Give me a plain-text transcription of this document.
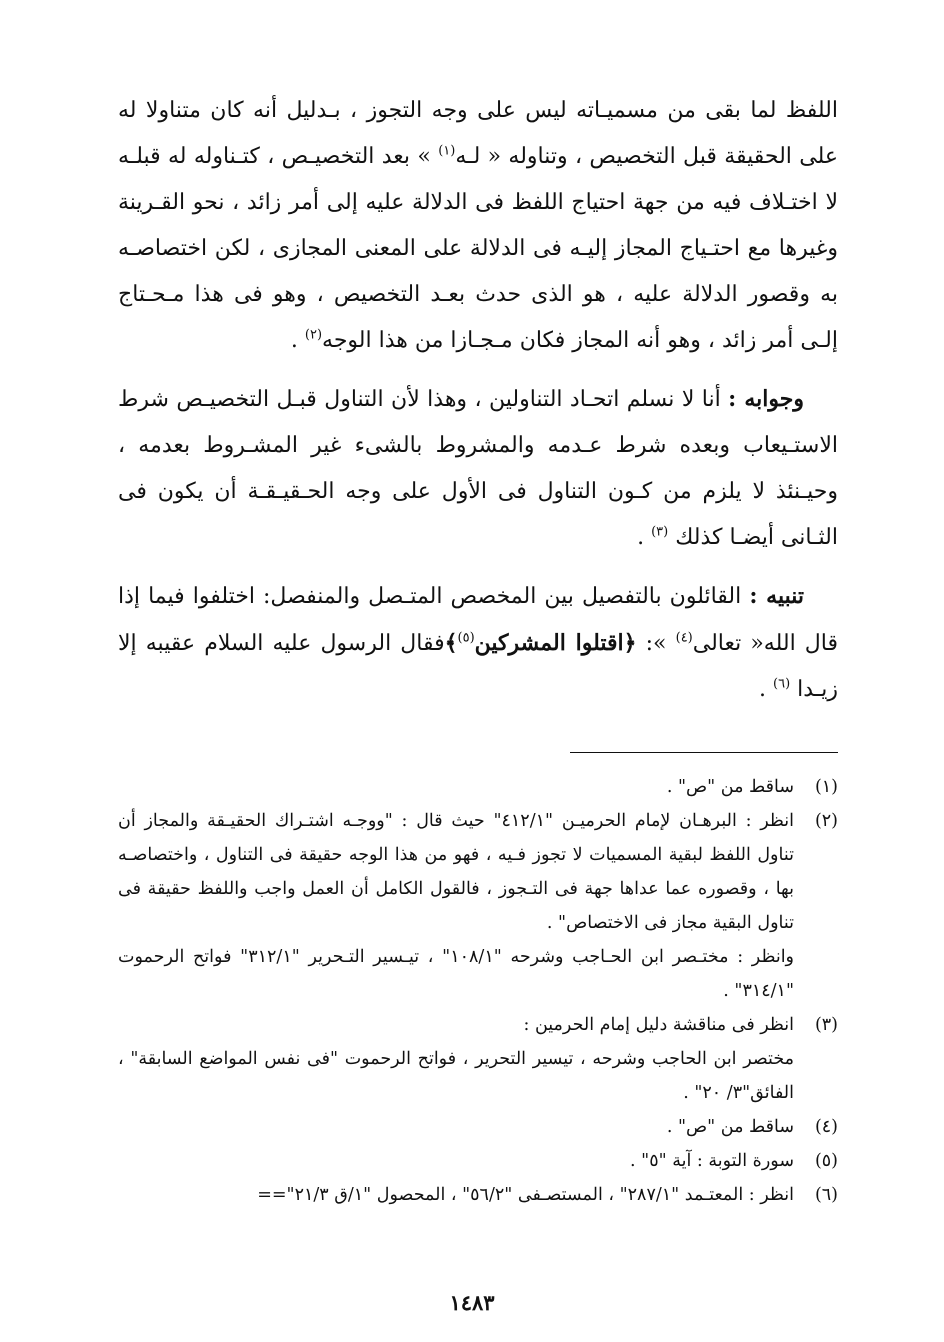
اللفظ لما بقى من مسميـاته ليس على وجه التجوز ، بـدليل أنه كان متناولا له على الحقيقة قبل التخصيص ، وتناوله « لـه$^{(١)}$ » بعد التخصيـص ، كتـناوله له قبلـه لا اختـلاف فيه من جهة احتياج اللفظ فى الدلالة عليه إلى أمر زائد ، نحو القـرينة وغيرها مع احتـياج المجاز إليـه فى الدلالة على المعنى المجازى ، لكن اختصاصـه به وقصور الدلالة عليه ، هو الذى حدث بعـد التخصيص ، وهو فى هذا مـحـتاج إلـى أمر زائد ، وهو أنه المجاز فكان مـجـازا من هذا الوجه$^{(٢)}$ .

وجوابه : أنا لا نسلم اتحـاد التناولين ، وهذا لأن التناول قبـل التخصيـص شرط الاستـيعاب وبعده شرط عـدمه والمشروط بالشىء غير المشـروط بعدمه ، وحيـنئذ لا يلزم من كـون التناول فى الأول على وجه الحـقيـقـة أن يكون فى الثـانى أيضـا كذلك $^{(٣)}$ .

تنبيه : القائلون بالتفصيل بين المخصص المتـصل والمنفصل: اختلفوا فيما إذا قال الله« تعالى$^{(٤)}$ »: ﴿اقتلوا المشركين$^{(٥)}$﴾فقال الرسول عليه السلام عقيبه إلا زيـدا $^{(٦)}$ .

(١)

ساقط من "ص" .

(٢)

انظر : البرهـان لإمام الحرميـن "٤١٢/١" حيث قال : "ووجـه اشتـراك الحقيـقة والمجاز أن تناول اللفظ لبقية المسميات لا تجوز فـيه ، فهو من هذا الوجه حقيقة فى التناول ، واختصاصـه بها ، وقصوره عما عداها جهة فى التـجوز ، فالقول الكامل أن العمل واجب واللفظ حقيقة فى تناول البقية مجاز فى الاختصاص" .

وانظر : مختـصر ابن الحـاجب وشرحه "١٠٨/١" ، تيـسير التـحرير "٣١٢/١" فواتح الرحموت "٣١٤/١" .

(٣)

انظر فى مناقشة دليل إمام الحرمين :

مختصر ابن الحاجب وشرحه ، تيسير التحرير ، فواتح الرحموت "فى نفس المواضع السابقة" ، الفائق"٣/ ٢٠" .

(٤)

ساقط من "ص" .

(٥)

سورة التوبة : آية "٥" .

(٦)

انظر : المعتـمد "٢٨٧/١" ، المستصـفى "٥٦/٢" ، المحصول "١/ق ٢١/٣"==

١٤٨٣
